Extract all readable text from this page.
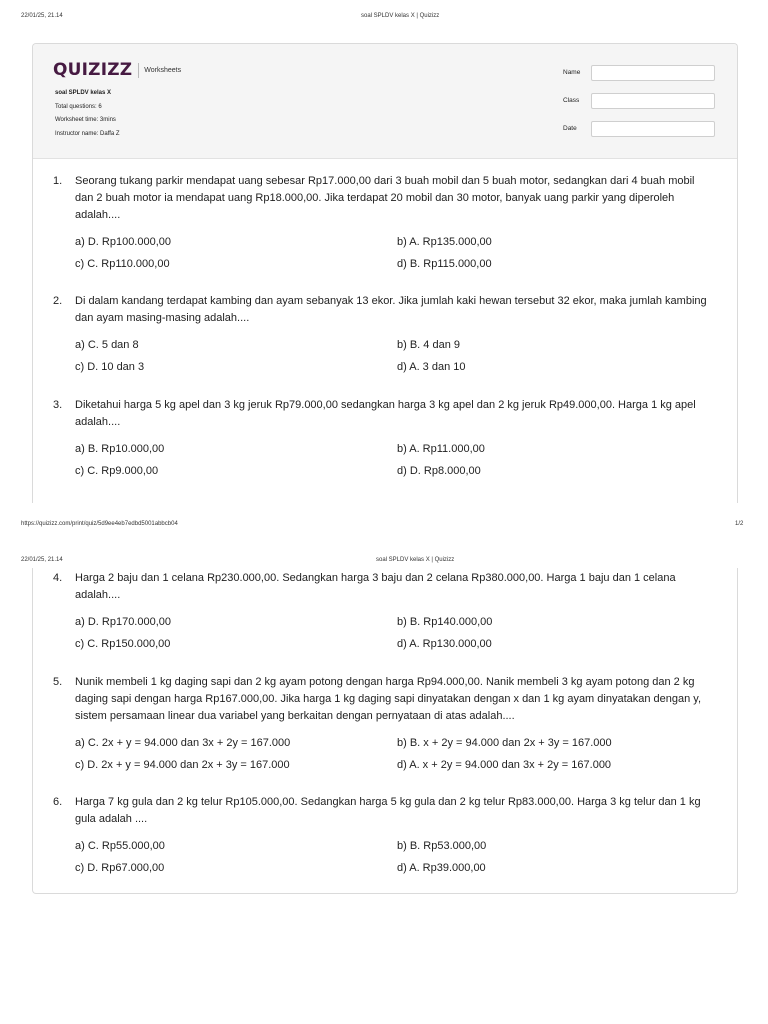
22/01/25, 21.14	soal SPLDV kelas X | Quizizz
QUIZIZZ Worksheets
soal SPLDV kelas X
Total questions: 6
Worksheet time: 3mins
Instructor name: Daffa Z
Name
Class
Date
1. Seorang tukang parkir mendapat uang sebesar Rp17.000,00 dari 3 buah mobil dan 5 buah motor, sedangkan dari 4 buah mobil dan 2 buah motor ia mendapat uang Rp18.000,00. Jika terdapat 20 mobil dan 30 motor, banyak uang parkir yang diperoleh adalah....
a) D. Rp100.000,00	b) A. Rp135.000,00
c) C. Rp110.000,00	d) B. Rp115.000,00
2. Di dalam kandang terdapat kambing dan ayam sebanyak 13 ekor. Jika jumlah kaki hewan tersebut 32 ekor, maka jumlah kambing dan ayam masing-masing adalah....
a) C. 5 dan 8	b) B. 4 dan 9
c) D. 10 dan 3	d) A. 3 dan 10
3. Diketahui harga 5 kg apel dan 3 kg jeruk Rp79.000,00 sedangkan harga 3 kg apel dan 2 kg jeruk Rp49.000,00. Harga 1 kg apel adalah....
a) B. Rp10.000,00	b) A. Rp11.000,00
c) C. Rp9.000,00	d) D. Rp8.000,00
https://quizizz.com/print/quiz/5d9ee4eb7edbd5001abbcb04	1/2
22/01/25, 21.14	soal SPLDV kelas X | Quizizz
4. Harga 2 baju dan 1 celana Rp230.000,00. Sedangkan harga 3 baju dan 2 celana Rp380.000,00. Harga 1 baju dan 1 celana adalah....
a) D. Rp170.000,00	b) B. Rp140.000,00
c) C. Rp150.000,00	d) A. Rp130.000,00
5. Nunik membeli 1 kg daging sapi dan 2 kg ayam potong dengan harga Rp94.000,00. Nanik membeli 3 kg ayam potong dan 2 kg daging sapi dengan harga Rp167.000,00. Jika harga 1 kg daging sapi dinyatakan dengan x dan 1 kg ayam dinyatakan dengan y, sistem persamaan linear dua variabel yang berkaitan dengan pernyataan di atas adalah....
a) C. 2x + y = 94.000 dan 3x + 2y = 167.000	b) B. x + 2y = 94.000 dan 2x + 3y = 167.000
c) D. 2x + y = 94.000 dan 2x + 3y = 167.000	d) A. x + 2y = 94.000 dan 3x + 2y = 167.000
6. Harga 7 kg gula dan 2 kg telur Rp105.000,00. Sedangkan harga 5 kg gula dan 2 kg telur Rp83.000,00. Harga 3 kg telur dan 1 kg gula adalah ....
a) C. Rp55.000,00	b) B. Rp53.000,00
c) D. Rp67.000,00	d) A. Rp39.000,00
